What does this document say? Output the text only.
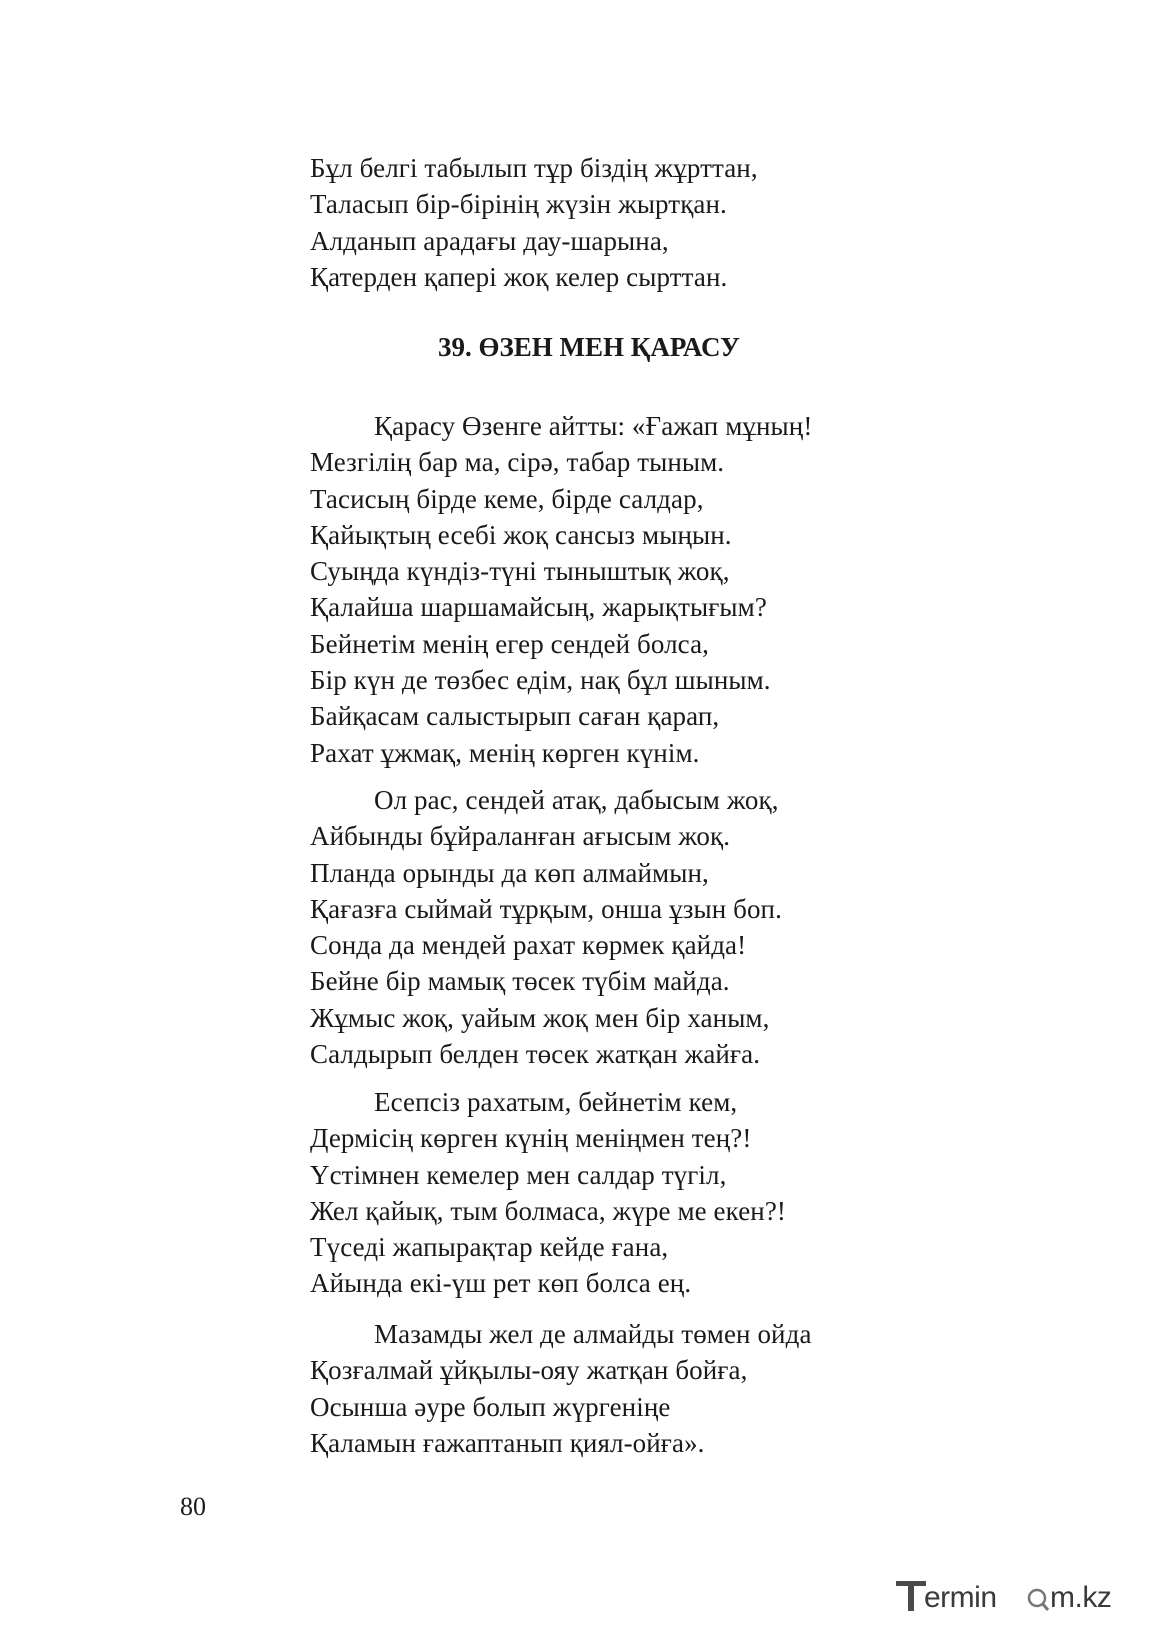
Бұл белгі табылып тұр біздің жұрттан,
Таласып бір-бірінің жүзін жыртқан.
Алданып арадағы дау-шарына,
Қатерден қапері жоқ келер сырттан.
39. ӨЗЕН МЕН ҚАРАСУ
Қарасу Өзенге айтты: «Ғажап мұның!
Мезгілің бар ма, сірә, табар тыным.
Тасисың бірде кеме, бірде салдар,
Қайықтың есебі жоқ сансыз мыңын.
Суыңда күндіз-түні тыныштық жоқ,
Қалайша шаршамайсың, жарықтығым?
Бейнетім менің егер сендей болса,
Бір күн де төзбес едім, нақ бұл шыным.
Байқасам салыстырып саған қарап,
Рахат ұжмақ, менің көрген күнім.
Ол рас, сендей атақ, дабысым жоқ,
Айбынды бұйраланған ағысым жоқ.
Планда орынды да көп алмаймын,
Қағазға сыймай тұрқым, онша ұзын боп.
Сонда да мендей рахат көрмек қайда!
Бейне бір мамық төсек түбім майда.
Жұмыс жоқ, уайым жоқ мен бір ханым,
Салдырып белден төсек жатқан жайға.
Есепсіз рахатым, бейнетім кем,
Дермісің көрген күнің меніңмен тең?!
Үстімнен кемелер мен салдар түгіл,
Жел қайық, тым болмаса, жүре ме екен?!
Түседі жапырақтар кейде ғана,
Айында екі-үш рет көп болса ең.
Мазамды жел де алмайды төмен ойда
Қозғалмай ұйқылы-ояу жатқан бойға,
Осынша әуре болып жүргеніңе
Қаламын ғажаптанып қиял-ойға».
80
ermin m.kz
